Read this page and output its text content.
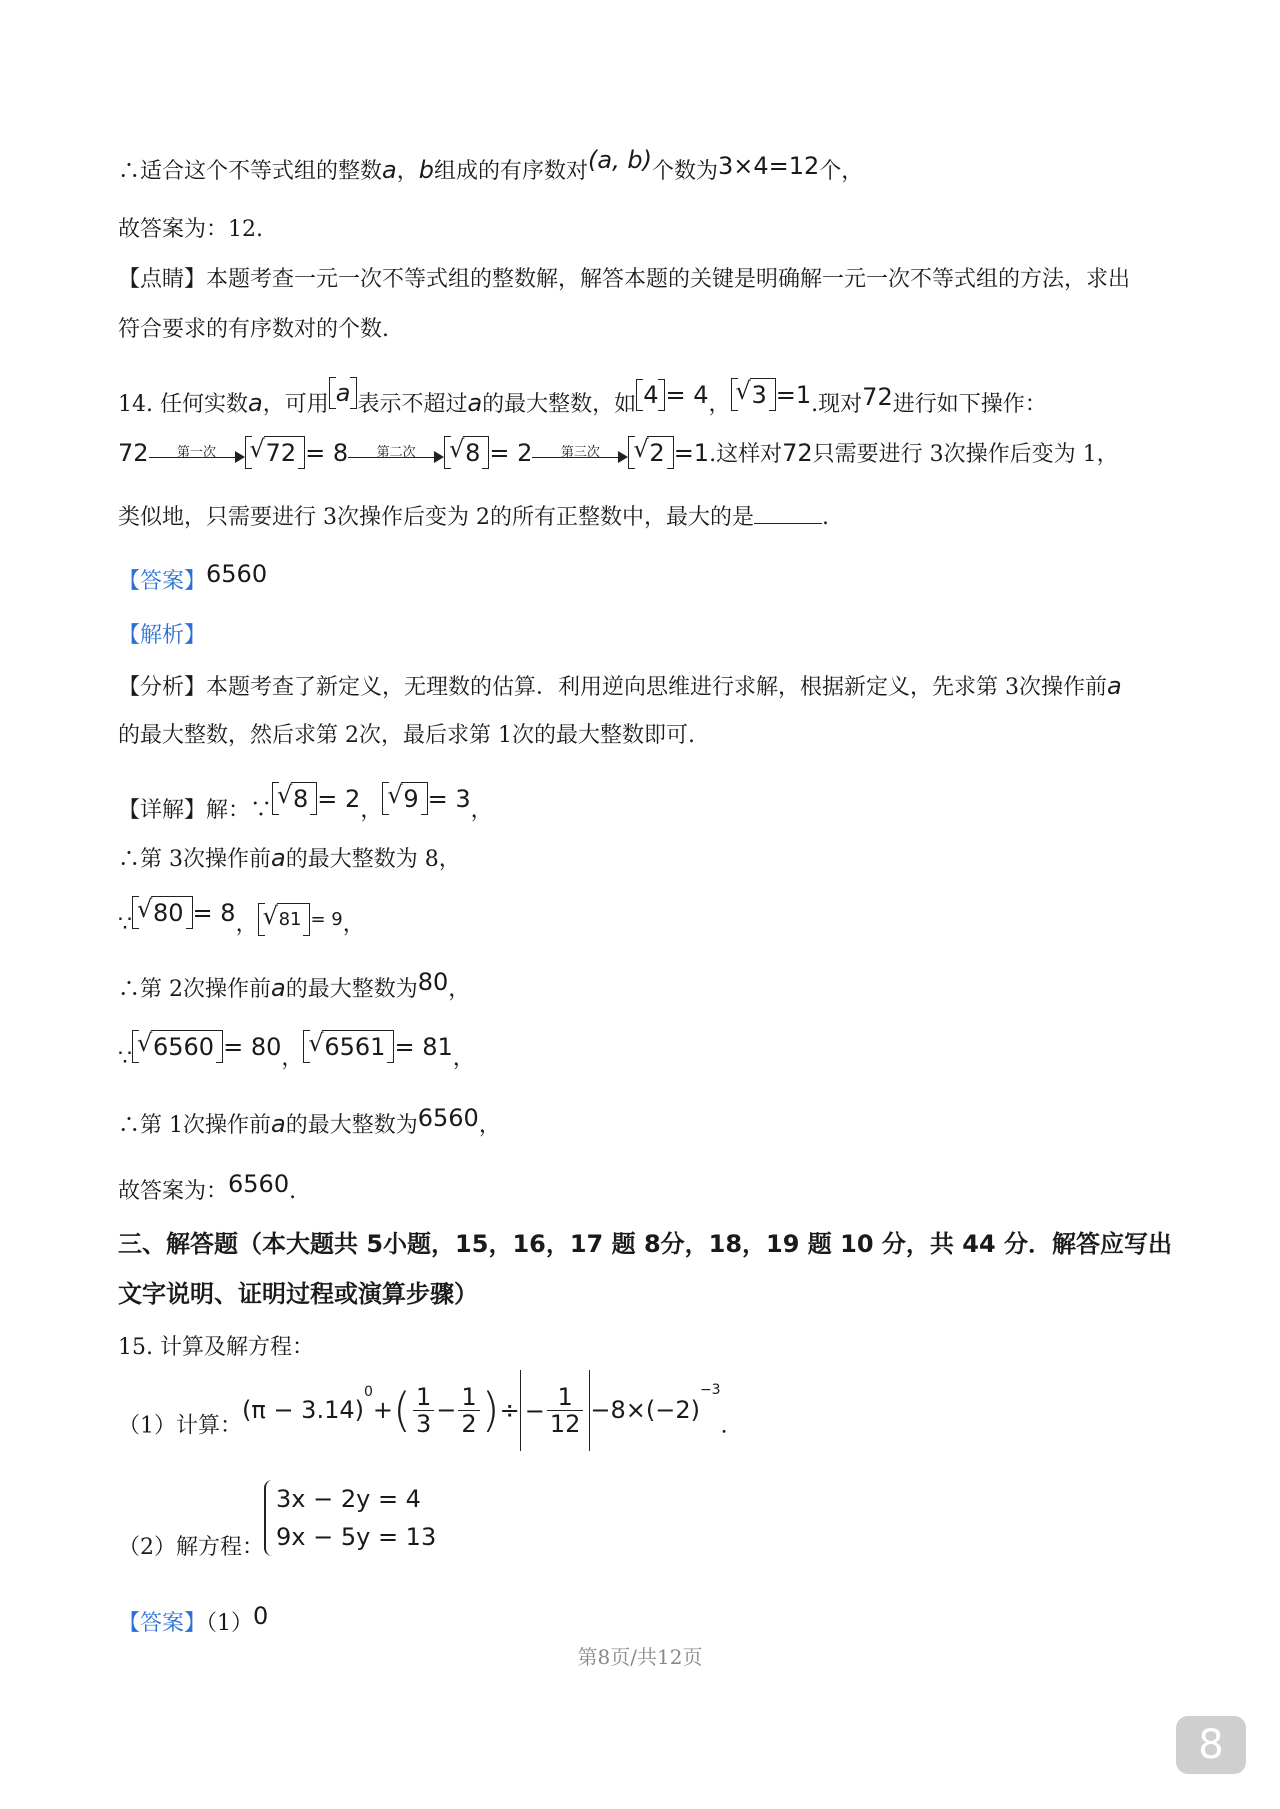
∴适合这个不等式组的整数a，b组成的有序数对(a, b)个数为3×4=12个，
故答案为：12.
【点睛】本题考查一元一次不等式组的整数解，解答本题的关键是明确解一元一次不等式组的方法，求出
符合要求的有序数对的个数.
14. 任何实数a，可用 a 表示不超过a的最大整数，如 4 = 4， √ 3 =1.现对72进行如下操作：
72	第一次	√ 72 = 8	第二次	√ 8 = 2	第三次	√ 2 =1.这样对72只需要进行 3次操作后变为 1，
类似地，只需要进行 3次操作后变为 2的所有正整数中，最大的是	.
【答案】6560
【解析】
【分析】本题考查了新定义，无理数的估算．利用逆向思维进行求解，根据新定义，先求第 3次操作前a
的最大整数，然后求第 2次，最后求第 1次的最大整数即可.
【详解】解：∵ √ 8 = 2， √ 9 = 3，
∴第 3次操作前a的最大整数为 8，
∵ √ 80 = 8， √ 81 $^{= 9}$，
∴第 2次操作前a的最大整数为80，
∵ √ 6560 = 80， √ 6561 = 81，
∴第 1次操作前a的最大整数为6560，
故答案为：6560.
三、解答题（本大题共 5小题，15，16，17 题 8分，18，19 题 10 分，共 44 分．解答应写出
文字说明、证明过程或演算步骤）
15. 计算及解方程：
（1）计算：$(\pi - 3.14)^0+( \frac{1}{3} - \frac{1}{2}$ )÷ − $\frac{1}{12} -8\times(-2)^{-3}$.
（2）解方程：
3x − 2y = 4
9x − 5y = 13
【答案】（1）0
第8页/共12页
8
